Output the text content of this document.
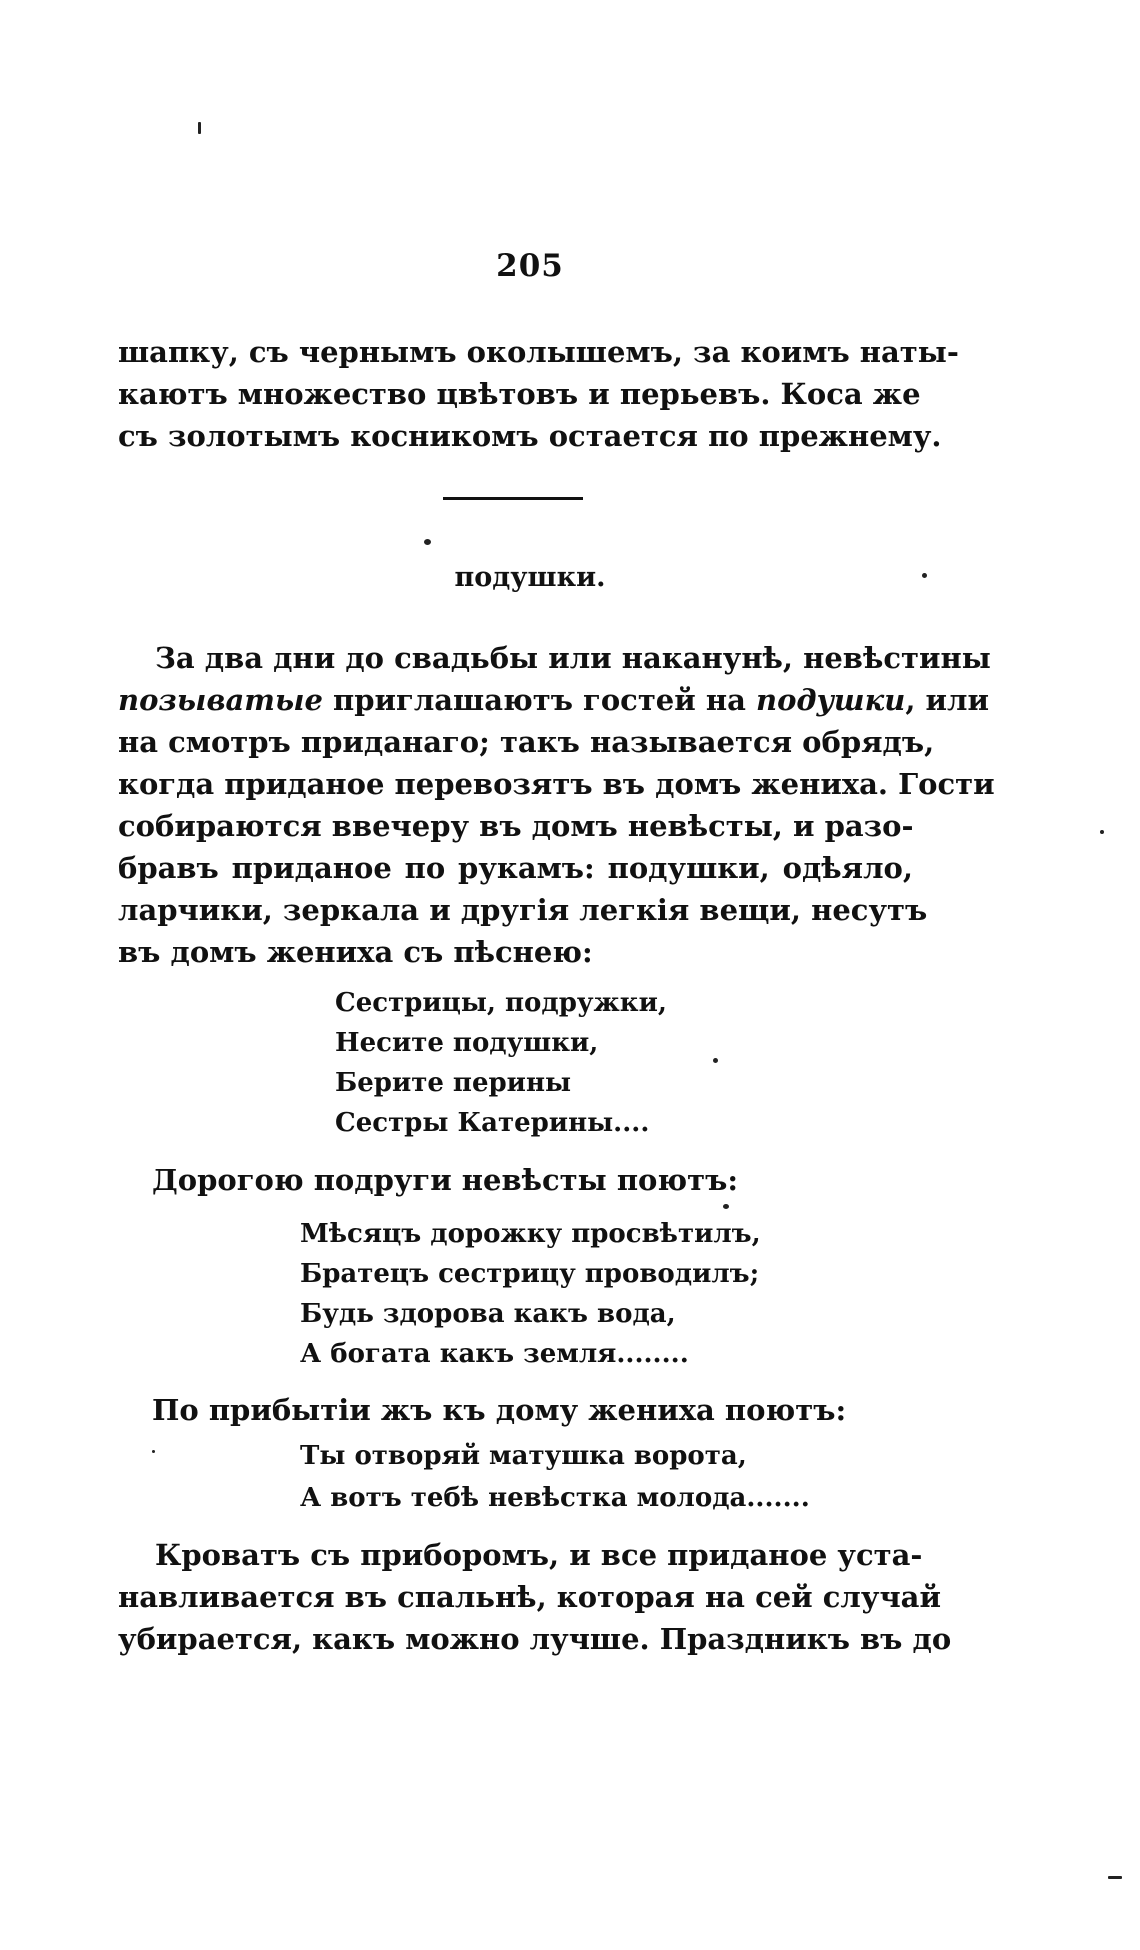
205
шапку, съ чернымъ околышемъ, за коимъ наты-
каютъ множество цвѣтовъ и перьевъ. Коса же
съ золотымъ косникомъ остается по прежнему.
подушки.
За два дни до свадьбы или наканунѣ, невѣстины
позыватые приглашаютъ гостей на подушки, или
на смотръ приданаго; такъ называется обрядъ,
когда приданое перевозятъ въ домъ жениха. Гости
собираются ввечеру въ домъ невѣсты, и разо-
бравъ приданое по рукамъ: подушки, одѣяло,
ларчики, зеркала и другія легкія вещи, несутъ
въ домъ жениха съ пѣснею:
Сестрицы, подружки,
Несите подушки,
Берите перины
Сестры Катерины....
Дорогою подруги невѣсты поютъ:
Мѣсяцъ дорожку просвѣтилъ,
Братецъ сестрицу проводилъ;
Будь здорова какъ вода,
А богата какъ земля........
По прибытіи жъ къ дому жениха поютъ:
Ты отворяй матушка ворота,
А вотъ тебѣ невѣстка молода.......
Кроватъ съ приборомъ, и все приданое уста-
навливается въ спальнѣ, которая на сей случай
убирается, какъ можно лучше. Праздникъ въ до
